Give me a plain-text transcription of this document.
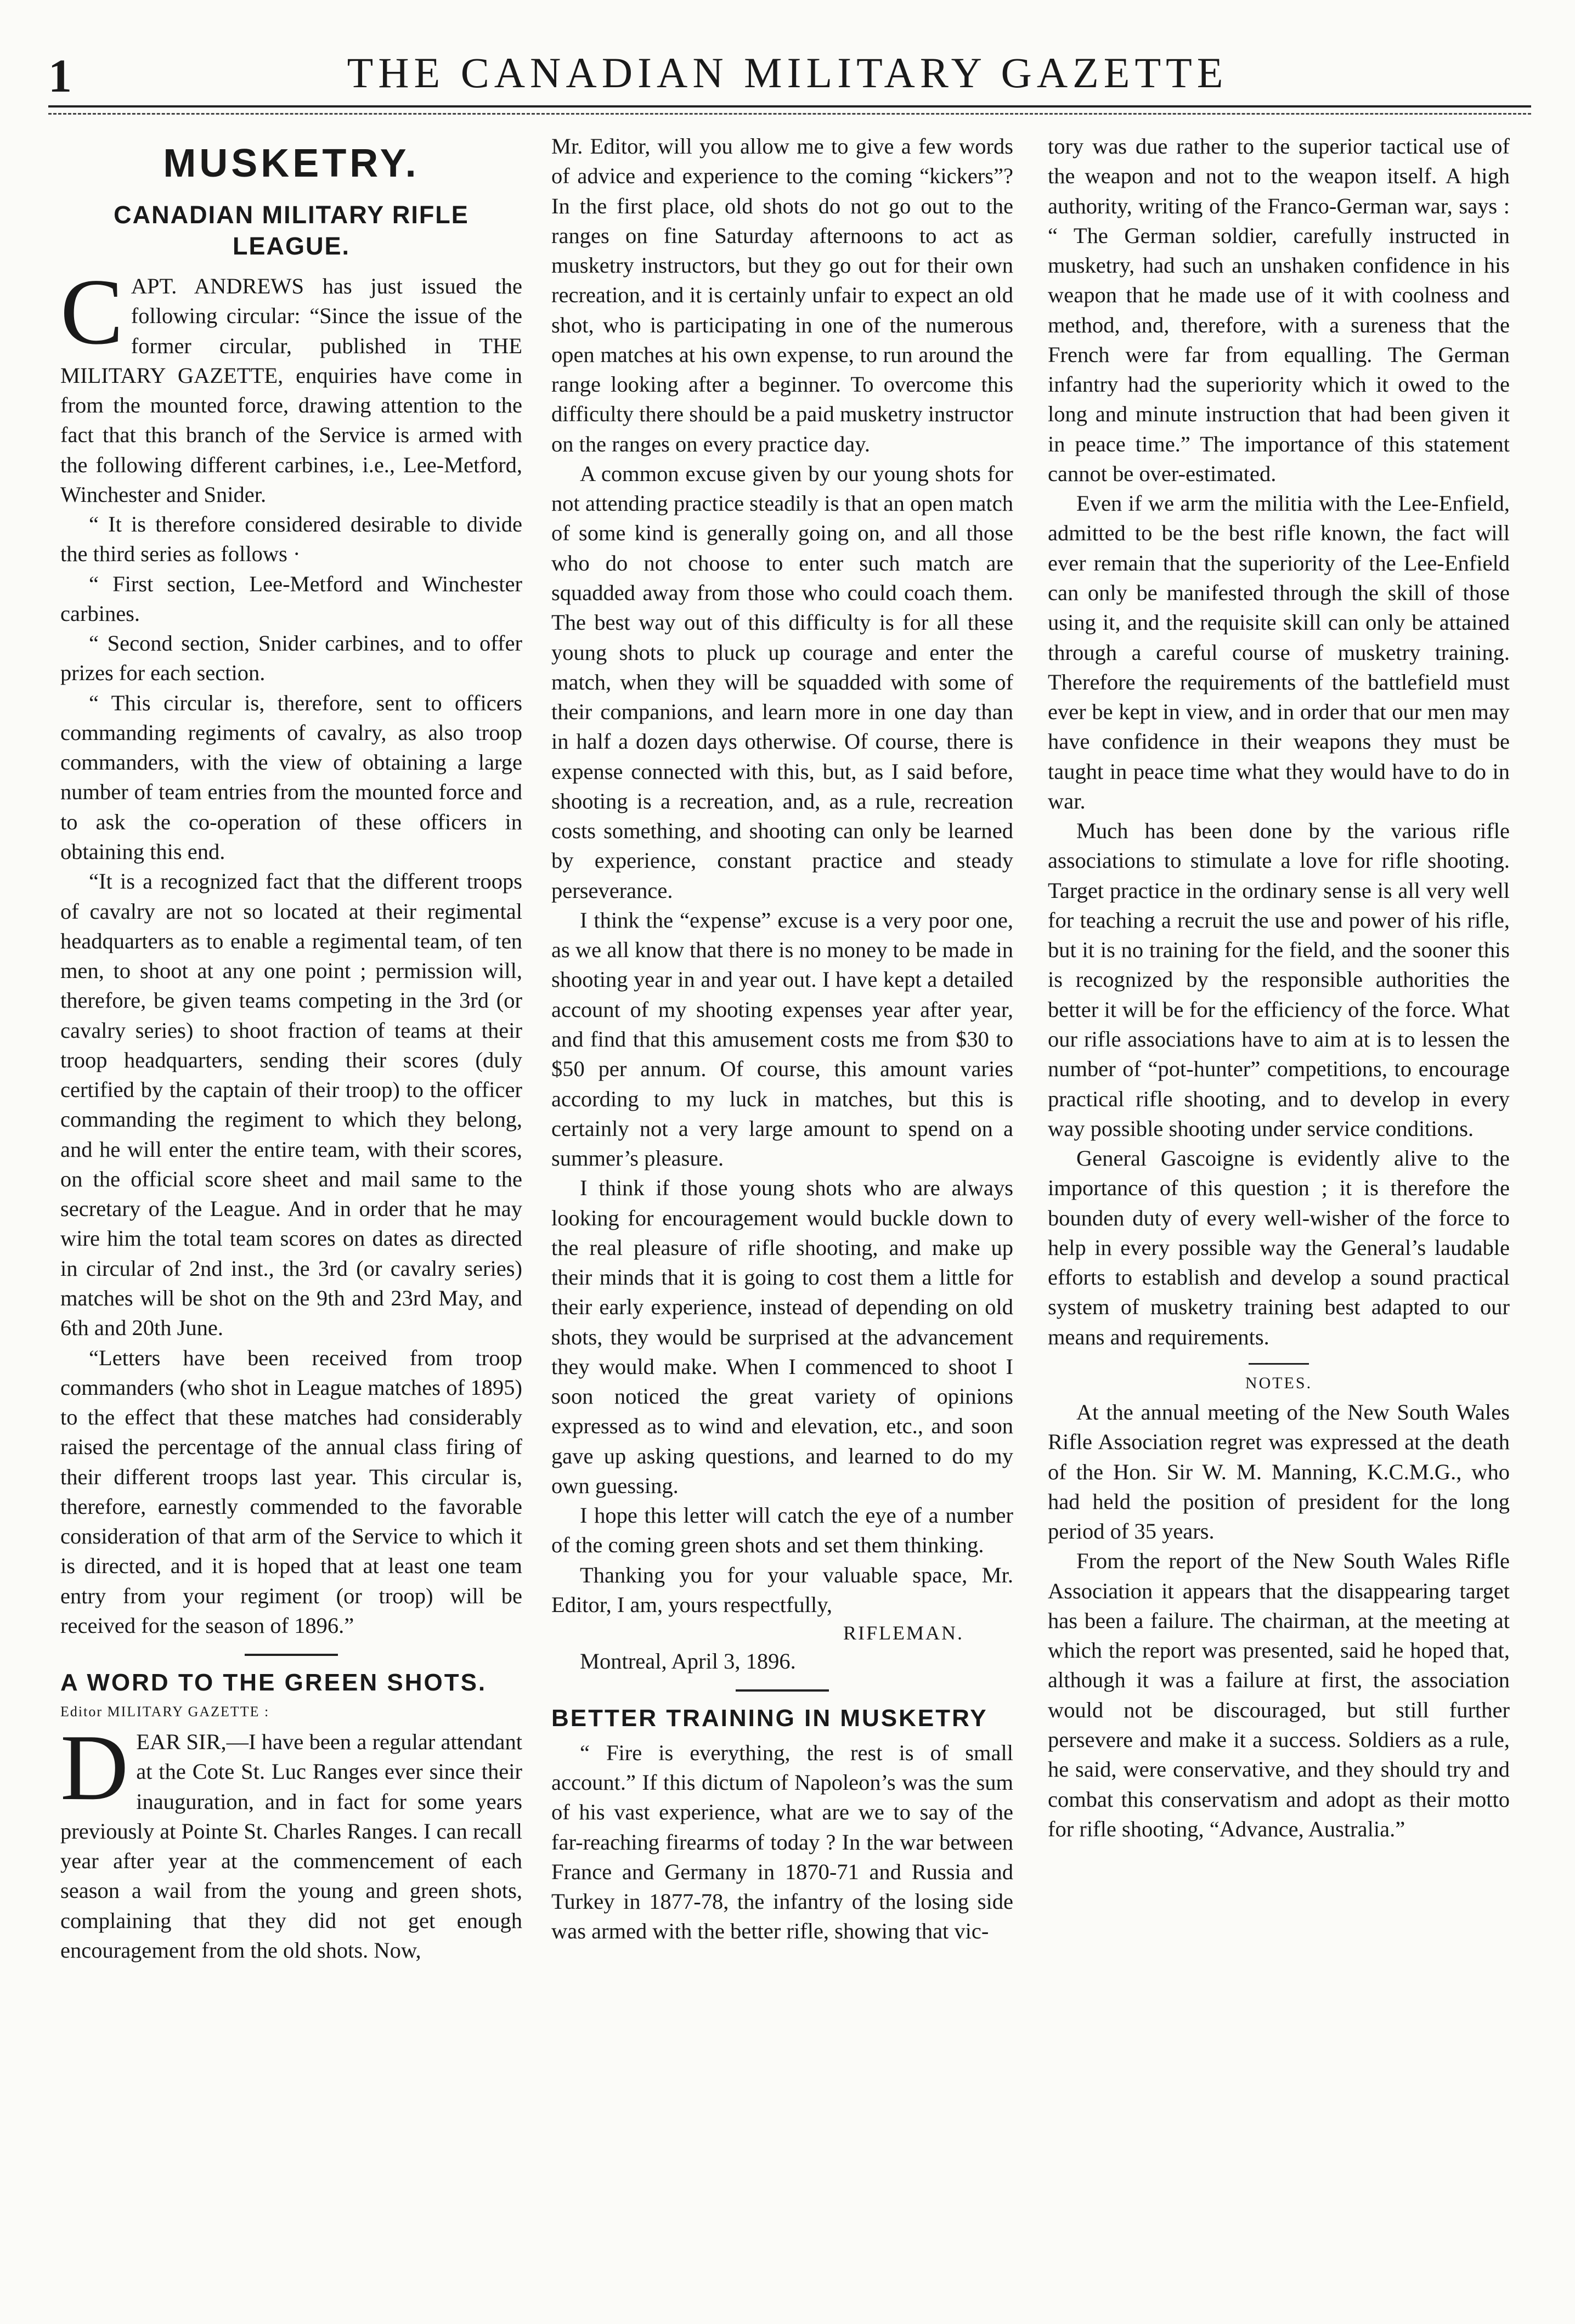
1	THE CANADIAN MILITARY GAZETTE
MUSKETRY.
CANADIAN MILITARY RIFLE LEAGUE.

CAPT. ANDREWS has just issued the following circular: “Since the issue of the former circular, published in THE MILITARY GAZETTE, enquiries have come in from the mounted force, drawing attention to the fact that this branch of the Service is armed with the following different carbines, i.e., Lee-Metford, Winchester and Snider.

“ It is therefore considered desirable to divide the third series as follows ·

“ First section, Lee-Metford and Winchester carbines.

“ Second section, Snider carbines, and to offer prizes for each section.

“ This circular is, therefore, sent to officers commanding regiments of cavalry, as also troop commanders, with the view of obtaining a large number of team entries from the mounted force and to ask the co-operation of these officers in obtaining this end.

“It is a recognized fact that the different troops of cavalry are not so located at their regimental headquarters as to enable a regimental team, of ten men, to shoot at any one point ; permission will, therefore, be given teams competing in the 3rd (or cavalry series) to shoot fraction of teams at their troop headquarters, sending their scores (duly certified by the captain of their troop) to the officer commanding the regiment to which they belong, and he will enter the entire team, with their scores, on the official score sheet and mail same to the secretary of the League. And in order that he may wire him the total team scores on dates as directed in circular of 2nd inst., the 3rd (or cavalry series) matches will be shot on the 9th and 23rd May, and 6th and 20th June.

“Letters have been received from troop commanders (who shot in League matches of 1895) to the effect that these matches had considerably raised the percentage of the annual class firing of their different troops last year. This circular is, therefore, earnestly commended to the favorable consideration of that arm of the Service to which it is directed, and it is hoped that at least one team entry from your regiment (or troop) will be received for the season of 1896.”

A WORD TO THE GREEN SHOTS.
Editor MILITARY GAZETTE :

DEAR SIR,—I have been a regular attendant at the Cote St. Luc Ranges ever since their inauguration, and in fact for some years previously at Pointe St. Charles Ranges. I can recall year after year at the commencement of each season a wail from the young and green shots, complaining that they did not get enough encouragement from the old shots. Now,

Mr. Editor, will you allow me to give a few words of advice and experience to the coming “kickers”? In the first place, old shots do not go out to the ranges on fine Saturday afternoons to act as musketry instructors, but they go out for their own recreation, and it is certainly unfair to expect an old shot, who is participating in one of the numerous open matches at his own expense, to run around the range looking after a beginner. To overcome this difficulty there should be a paid musketry instructor on the ranges on every practice day.

A common excuse given by our young shots for not attending practice steadily is that an open match of some kind is generally going on, and all those who do not choose to enter such match are squadded away from those who could coach them. The best way out of this difficulty is for all these young shots to pluck up courage and enter the match, when they will be squadded with some of their companions, and learn more in one day than in half a dozen days otherwise. Of course, there is expense connected with this, but, as I said before, shooting is a recreation, and, as a rule, recreation costs something, and shooting can only be learned by experience, constant practice and steady perseverance.

I think the “expense” excuse is a very poor one, as we all know that there is no money to be made in shooting year in and year out. I have kept a detailed account of my shooting expenses year after year, and find that this amusement costs me from $30 to $50 per annum. Of course, this amount varies according to my luck in matches, but this is certainly not a very large amount to spend on a summer’s pleasure.

I think if those young shots who are always looking for encouragement would buckle down to the real pleasure of rifle shooting, and make up their minds that it is going to cost them a little for their early experience, instead of depending on old shots, they would be surprised at the advancement they would make. When I commenced to shoot I soon noticed the great variety of opinions expressed as to wind and elevation, etc., and soon gave up asking questions, and learned to do my own guessing.

I hope this letter will catch the eye of a number of the coming green shots and set them thinking.

Thanking you for your valuable space, Mr. Editor, I am, yours respectfully,

RIFLEMAN.

Montreal, April 3, 1896.

BETTER TRAINING IN MUSKETRY

“ Fire is everything, the rest is of small account.” If this dictum of Napoleon’s was the sum of his vast experience, what are we to say of the far-reaching firearms of today ? In the war between France and Germany in 1870-71 and Russia and Turkey in 1877-78, the infantry of the losing side was armed with the better rifle, showing that vic-

tory was due rather to the superior tactical use of the weapon and not to the weapon itself. A high authority, writing of the Franco-German war, says : “ The German soldier, carefully instructed in musketry, had such an unshaken confidence in his weapon that he made use of it with coolness and method, and, therefore, with a sureness that the French were far from equalling. The German infantry had the superiority which it owed to the long and minute instruction that had been given it in peace time.” The importance of this statement cannot be over-estimated.

Even if we arm the militia with the Lee-Enfield, admitted to be the best rifle known, the fact will ever remain that the superiority of the Lee-Enfield can only be manifested through the skill of those using it, and the requisite skill can only be attained through a careful course of musketry training. Therefore the requirements of the battlefield must ever be kept in view, and in order that our men may have confidence in their weapons they must be taught in peace time what they would have to do in war.

Much has been done by the various rifle associations to stimulate a love for rifle shooting. Target practice in the ordinary sense is all very well for teaching a recruit the use and power of his rifle, but it is no training for the field, and the sooner this is recognized by the responsible authorities the better it will be for the efficiency of the force. What our rifle associations have to aim at is to lessen the number of “pot-hunter” competitions, to encourage practical rifle shooting, and to develop in every way possible shooting under service conditions.

General Gascoigne is evidently alive to the importance of this question ; it is therefore the bounden duty of every well-wisher of the force to help in every possible way the General’s laudable efforts to establish and develop a sound practical system of musketry training best adapted to our means and requirements.

NOTES.

At the annual meeting of the New South Wales Rifle Association regret was expressed at the death of the Hon. Sir W. M. Manning, K.C.M.G., who had held the position of president for the long period of 35 years.

From the report of the New South Wales Rifle Association it appears that the disappearing target has been a failure. The chairman, at the meeting at which the report was presented, said he hoped that, although it was a failure at first, the association would not be discouraged, but still further persevere and make it a success. Soldiers as a rule, he said, were conservative, and they should try and combat this conservatism and adopt as their motto for rifle shooting, “Advance, Australia.”
